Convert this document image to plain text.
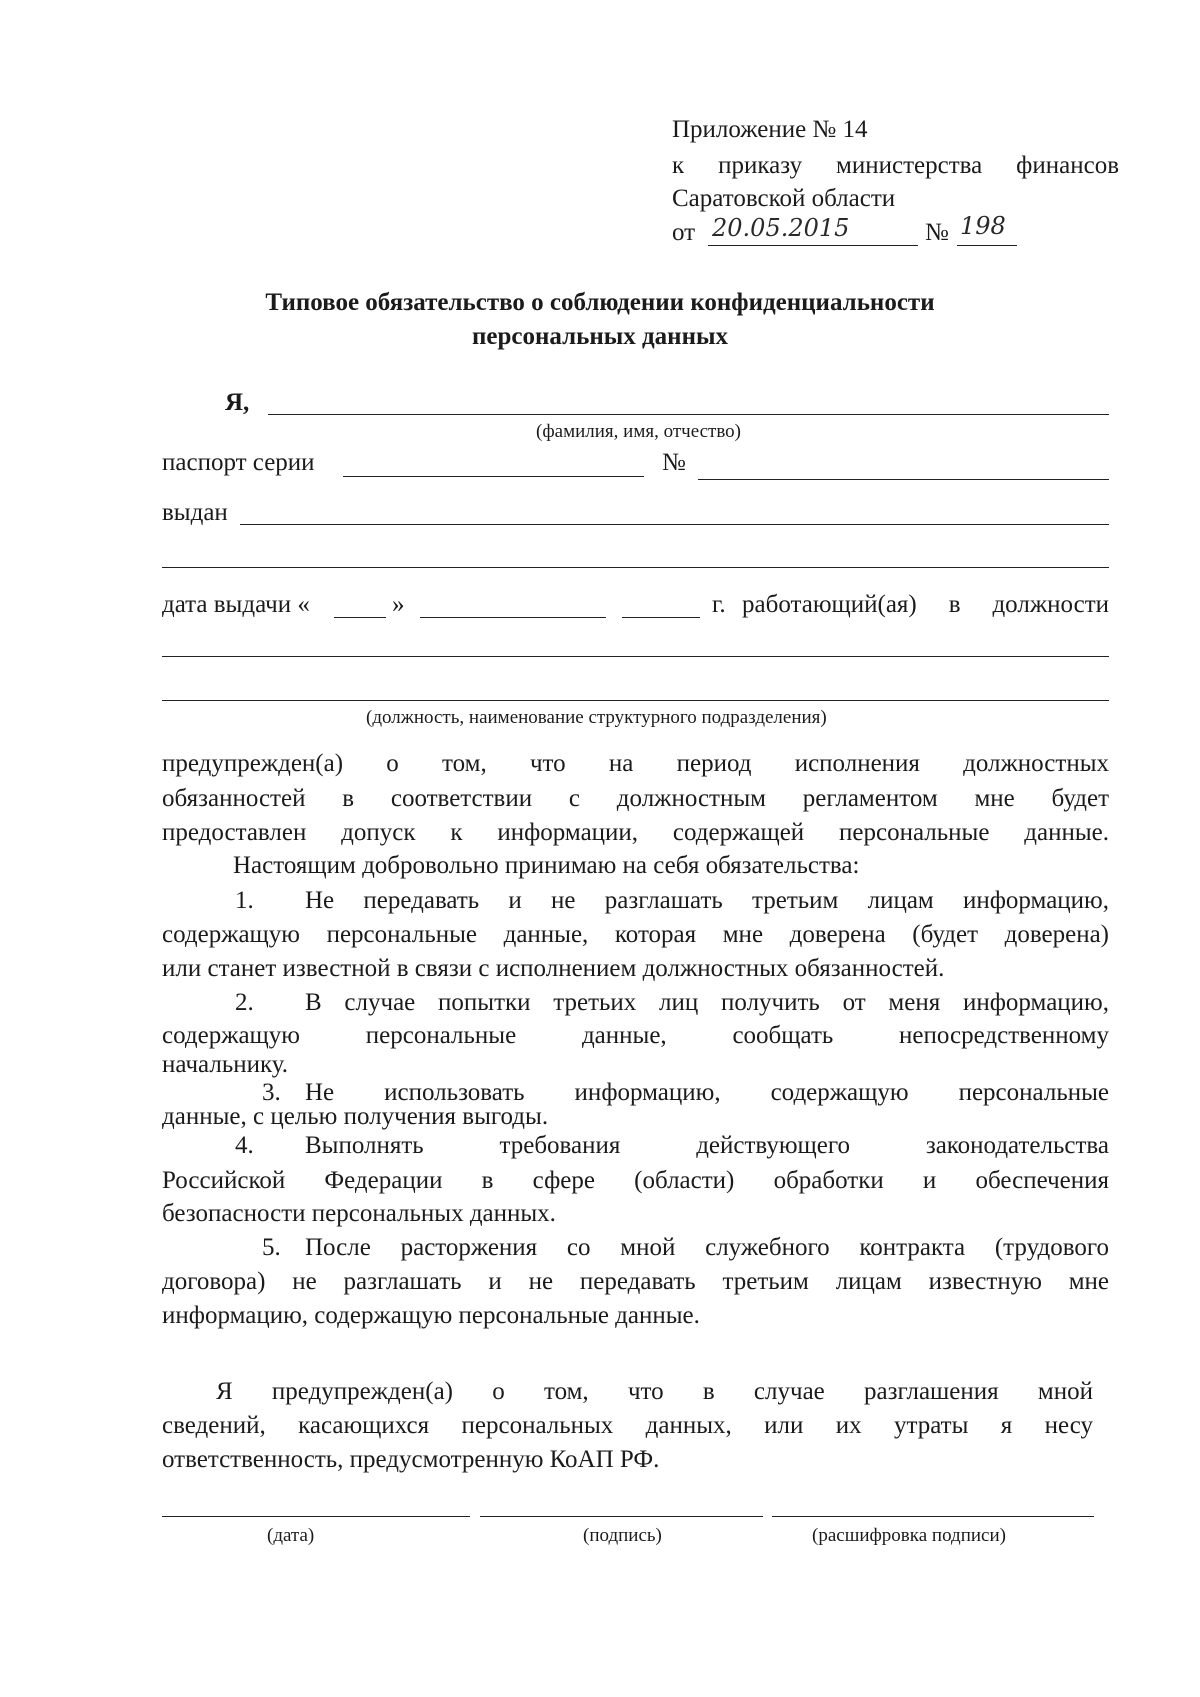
Приложение № 14
к приказу министерства финансов
Саратовской области
от 20.05.2015	№ 198
Типовое обязательство о соблюдении конфиденциальности
персональных данных
Я,
(фамилия, имя, отчество)
паспорт серии	№
выдан
дата выдачи «	»	г. работающий(ая) в должности
(должность, наименование структурного подразделения)
предупрежден(а) о том, что на период исполнения должностных
обязанностей в соответствии с должностным регламентом мне будет
предоставлен допуск к информации, содержащей персональные данные.
Настоящим добровольно принимаю на себя обязательства:
1. Не передавать и не разглашать третьим лицам информацию,
содержащую персональные данные, которая мне доверена (будет доверена)
или станет известной в связи с исполнением должностных обязанностей.
2. В случае попытки третьих лиц получить от меня информацию,
содержащую персональные данные, сообщать непосредственному
начальнику.
3. Не использовать информацию, содержащую персональные
данные, с целью получения выгоды.
4. Выполнять требования действующего законодательства
Российской Федерации в сфере (области) обработки и обеспечения
безопасности персональных данных.
5. После расторжения со мной служебного контракта (трудового
договора) не разглашать и не передавать третьим лицам известную мне
информацию, содержащую персональные данные.
Я предупрежден(а) о том, что в случае разглашения мной
сведений, касающихся персональных данных, или их утраты я несу
ответственность, предусмотренную КоАП РФ.
(дата)	(подпись)	(расшифровка подписи)
